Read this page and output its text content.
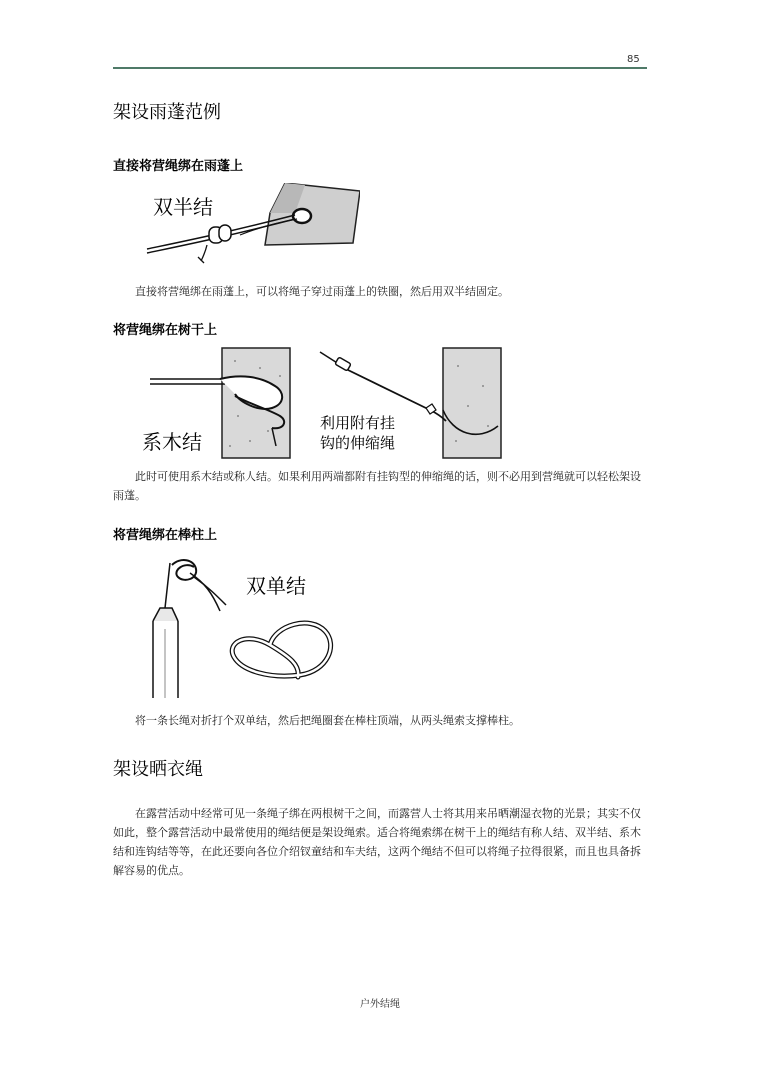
85
架设雨蓬范例
直接将营绳绑在雨蓬上
双半结

直接将营绳绑在雨蓬上，可以将绳子穿过雨蓬上的铁圈，然后用双半结固定。

将营绳绑在树干上
系木结
利用附有挂
钩的伸缩绳

此时可使用系木结或称人结。如果利用两端都附有挂钩型的伸缩绳的话，则不必用到营绳就可以轻松架设雨蓬。

将营绳绑在棒柱上
双单结

将一条长绳对折打个双单结，然后把绳圈套在棒柱顶端，从两头绳索支撑棒柱。

架设晒衣绳

在露营活动中经常可见一条绳子绑在两根树干之间，而露营人士将其用来吊晒潮湿衣物的光景；其实不仅如此，整个露营活动中最常使用的绳结便是架设绳索。适合将绳索绑在树干上的绳结有称人结、双半结、系木结和连钩结等等，在此还要向各位介绍钗童结和车夫结，这两个绳结不但可以将绳子拉得很紧，而且也具备拆解容易的优点。

户外结绳
